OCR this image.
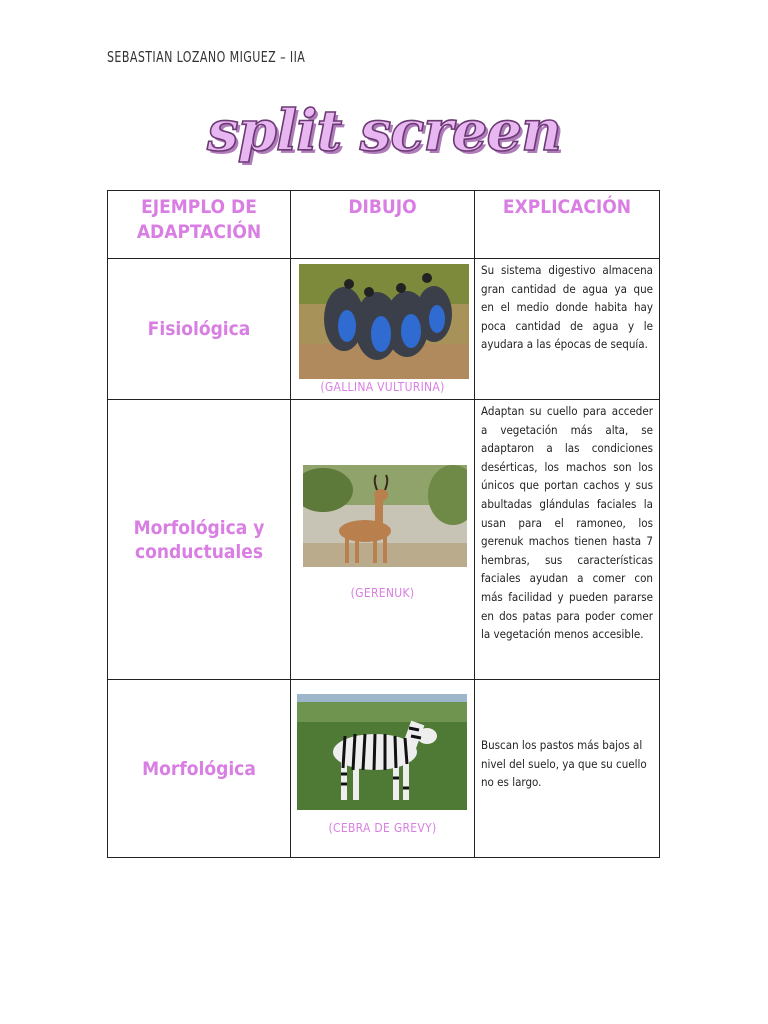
SEBASTIAN LOZANO MIGUEZ – IIA
split screen
EJEMPLO DE ADAPTACIÓN	DIBUJO	EXPLICACIÓN

Fisiológica	(GALLINA VULTURINA)	Su sistema digestivo almacena gran cantidad de agua ya que en el medio donde habita hay poca cantidad de agua y le ayudara a las épocas de sequía.

Morfológica y conductuales	(GERENUK)	Adaptan su cuello para acceder a vegetación más alta, se adaptaron a las condiciones desérticas, los machos son los únicos que portan cachos y sus abultadas glándulas faciales la usan para el ramoneo, los gerenuk machos tienen hasta 7 hembras, sus características faciales ayudan a comer con más facilidad y pueden pararse en dos patas para poder comer la vegetación menos accesible.

Morfológica	(CEBRA DE GREVY)	Buscan los pastos más bajos al nivel del suelo, ya que su cuello no es largo.
